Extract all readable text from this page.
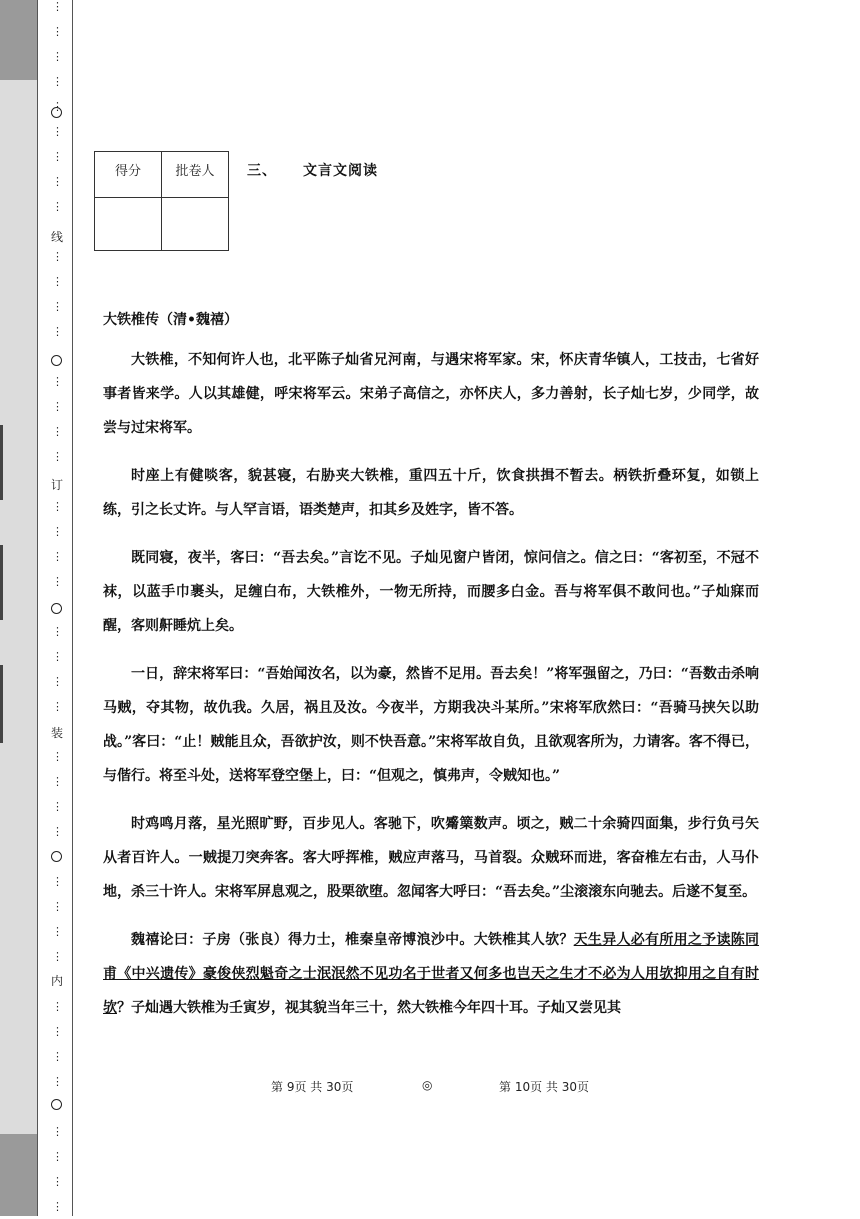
⋮
⋮
⋮
⋮
⋮
⋮
⋮
⋮
⋮
⋮
⋮
⋮
⋮
⋮
⋮
⋮
⋮
⋮
⋮
⋮
⋮
⋮
⋮
⋮
⋮
⋮
⋮
⋮
⋮
⋮
⋮
⋮
⋮
⋮
⋮
⋮
⋮
⋮
⋮
⋮
⋮
线
订
装
内
得分	批卷人
	三、 文言文阅读

大铁椎传（清•魏禧）

大铁椎，不知何许人也，北平陈子灿省兄河南，与遇宋将军家。宋，怀庆青华镇人，工技击，七省好事者皆来学。人以其雄健，呼宋将军云。宋弟子高信之，亦怀庆人，多力善射，长子灿七岁，少同学，故尝与过宋将军。

时座上有健啖客，貌甚寝，右胁夹大铁椎，重四五十斤，饮食拱揖不暂去。柄铁折叠环复，如锁上练，引之长丈许。与人罕言语，语类楚声，扣其乡及姓字，皆不答。

既同寝，夜半，客曰：“吾去矣。”言讫不见。子灿见窗户皆闭，惊问信之。信之曰：“客初至，不冠不袜，以蓝手巾裹头，足缠白布，大铁椎外，一物无所持，而腰多白金。吾与将军俱不敢问也。”子灿寐而醒，客则鼾睡炕上矣。

一日，辞宋将军曰：“吾始闻汝名，以为豪，然皆不足用。吾去矣！”将军强留之，乃曰：“吾数击杀响马贼，夺其物，故仇我。久居，祸且及汝。今夜半，方期我决斗某所。”宋将军欣然曰：“吾骑马挟矢以助战。”客曰：“止！贼能且众，吾欲护汝，则不快吾意。”宋将军故自负，且欲观客所为，力请客。客不得已，与偕行。将至斗处，送将军登空堡上，曰：“但观之，慎弗声，令贼知也。”

时鸡鸣月落，星光照旷野，百步见人。客驰下，吹觱篥数声。顷之，贼二十余骑四面集，步行负弓矢从者百许人。一贼提刀突奔客。客大呼挥椎，贼应声落马，马首裂。众贼环而进，客奋椎左右击，人马仆地，杀三十许人。宋将军屏息观之，股栗欲堕。忽闻客大呼曰：“吾去矣。”尘滚滚东向驰去。后遂不复至。

魏禧论曰：子房（张良）得力士，椎秦皇帝博浪沙中。大铁椎其人欤？天生异人必有所用之予读陈同甫《中兴遗传》豪俊侠烈魁奇之士泯泯然不见功名于世者又何多也岂天之生才不必为人用欤抑用之自有时欤？子灿遇大铁椎为壬寅岁，视其貌当年三十，然大铁椎今年四十耳。子灿又尝见其

第 9页 共 30页	◎	第 10页 共 30页
